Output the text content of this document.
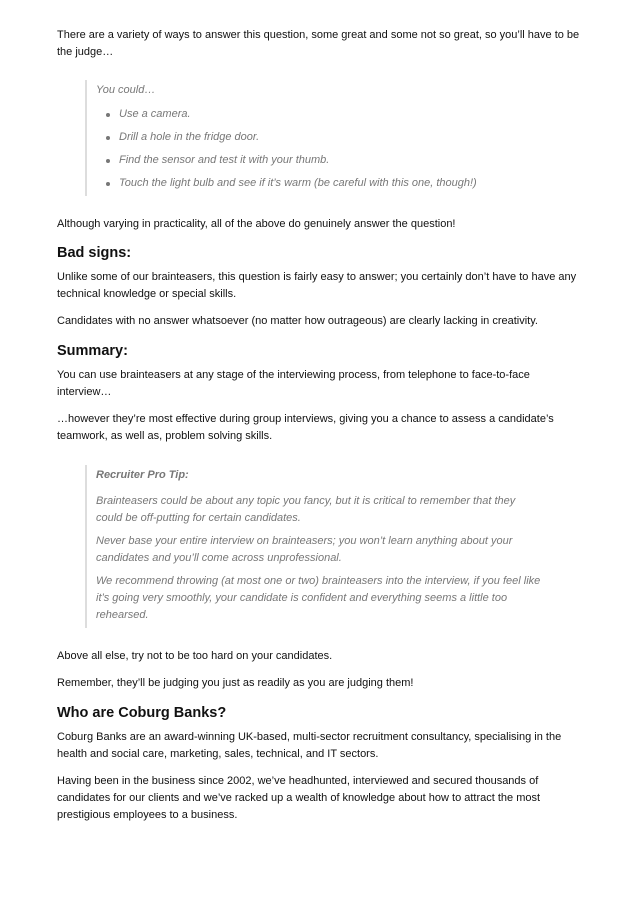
There are a variety of ways to answer this question, some great and some not so great, so you’ll have to be the judge…

You could…

Use a camera.
Drill a hole in the fridge door.
Find the sensor and test it with your thumb.
Touch the light bulb and see if it’s warm (be careful with this one, though!)

Although varying in practicality, all of the above do genuinely answer the question!

Bad signs:

Unlike some of our brainteasers, this question is fairly easy to answer; you certainly don’t have to have any technical knowledge or special skills.

Candidates with no answer whatsoever (no matter how outrageous) are clearly lacking in creativity.

Summary:

You can use brainteasers at any stage of the interviewing process, from telephone to face-to-face interview…

…however they’re most effective during group interviews, giving you a chance to assess a candidate’s teamwork, as well as, problem solving skills.

Recruiter Pro Tip:

Brainteasers could be about any topic you fancy, but it is critical to remember that they could be off-putting for certain candidates.

Never base your entire interview on brainteasers; you won’t learn anything about your candidates and you’ll come across unprofessional.

We recommend throwing (at most one or two) brainteasers into the interview, if you feel like it’s going very smoothly, your candidate is confident and everything seems a little too rehearsed.

Above all else, try not to be too hard on your candidates.

Remember, they’ll be judging you just as readily as you are judging them!

Who are Coburg Banks?

Coburg Banks are an award-winning UK-based, multi-sector recruitment consultancy, specialising in the health and social care, marketing, sales, technical, and IT sectors.

Having been in the business since 2002, we’ve headhunted, interviewed and secured thousands of candidates for our clients and we’ve racked up a wealth of knowledge about how to attract the most prestigious employees to a business.
